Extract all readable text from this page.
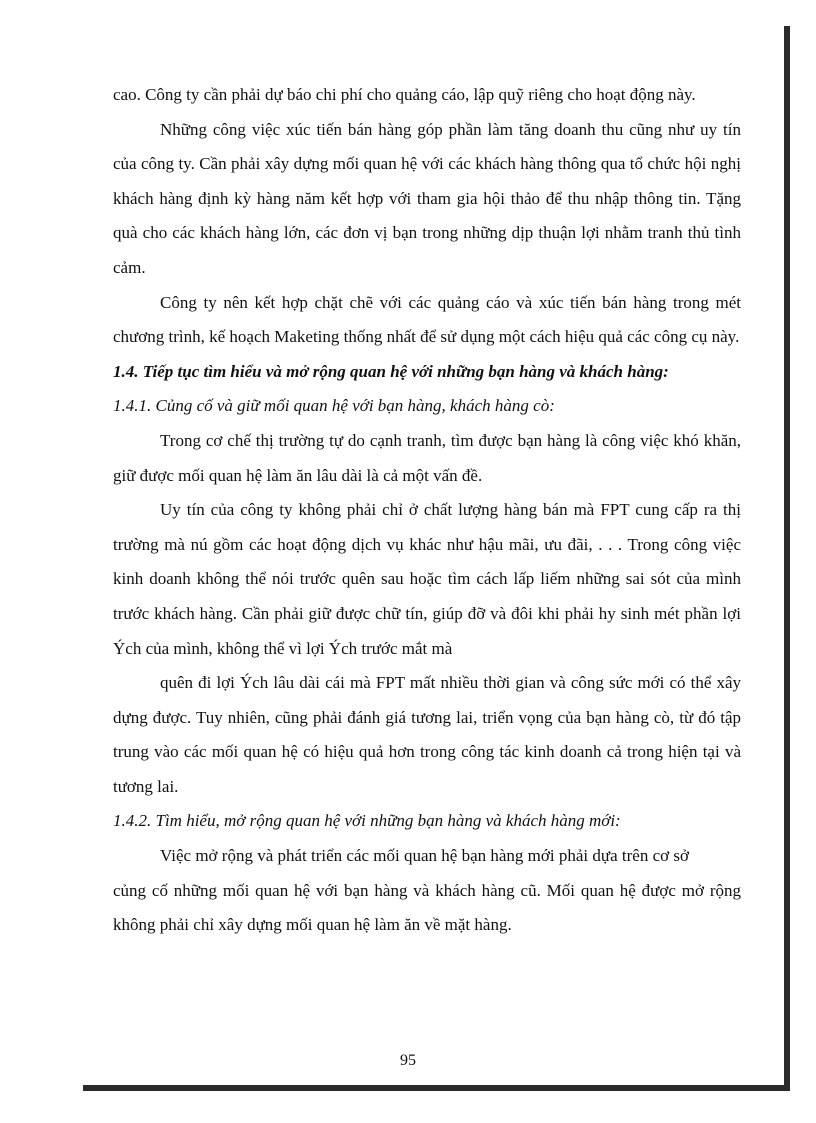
cao. Công ty cần phải dự báo chi phí cho quảng cáo, lập quỹ riêng cho hoạt động này.

Những công việc xúc tiến bán hàng góp phần làm tăng doanh thu cũng như uy tín của công ty. Cần phải xây dựng mối quan hệ với các khách hàng thông qua tổ chức hội nghị khách hàng định kỳ hàng năm kết hợp với tham gia hội thảo để thu nhập thông tin. Tặng quà cho các khách hàng lớn, các đơn vị bạn trong những dịp thuận lợi nhằm tranh thủ tình cảm.

Công ty nên kết hợp chặt chẽ với các quảng cáo và xúc tiến bán hàng trong mét chương trình, kế hoạch Maketing thống nhất để sử dụng một cách hiệu quả các công cụ này.

1.4. Tiếp tục tìm hiểu và mở rộng quan hệ với những bạn hàng và khách hàng:

1.4.1. Củng cố và giữ mối quan hệ với bạn hàng, khách hàng cò:

Trong cơ chế thị trường tự do cạnh tranh, tìm được bạn hàng là công việc khó khăn, giữ được mối quan hệ làm ăn lâu dài là cả một vấn đề.

Uy tín của công ty không phải chỉ ở chất lượng hàng bán mà FPT cung cấp ra thị trường mà nú gồm các hoạt động dịch vụ khác như hậu mãi, ưu đãi, . . . Trong công việc kinh doanh không thể nói trước quên sau hoặc tìm cách lấp liếm những sai sót của mình trước khách hàng. Cần phải giữ được chữ tín, giúp đỡ và đôi khi phải hy sinh mét phần lợi Ých của mình, không thể vì lợi Ých trước mắt mà

quên đi lợi Ých lâu dài cái mà FPT mất nhiều thời gian và công sức mới có thể xây dựng được. Tuy nhiên, cũng phải đánh giá tương lai, triển vọng của bạn hàng cò, từ đó tập trung vào các mối quan hệ có hiệu quả hơn trong công tác kinh doanh cả trong hiện tại và tương lai.

1.4.2. Tìm hiểu, mở rộng quan hệ với những bạn hàng và khách hàng mới:

Việc mở rộng và phát triển các mối quan hệ bạn hàng mới phải dựa trên cơ sở

củng cố những mối quan hệ với bạn hàng và khách hàng cũ. Mối quan hệ được mở rộng không phải chỉ xây dựng mối quan hệ làm ăn về mặt hàng.

95
